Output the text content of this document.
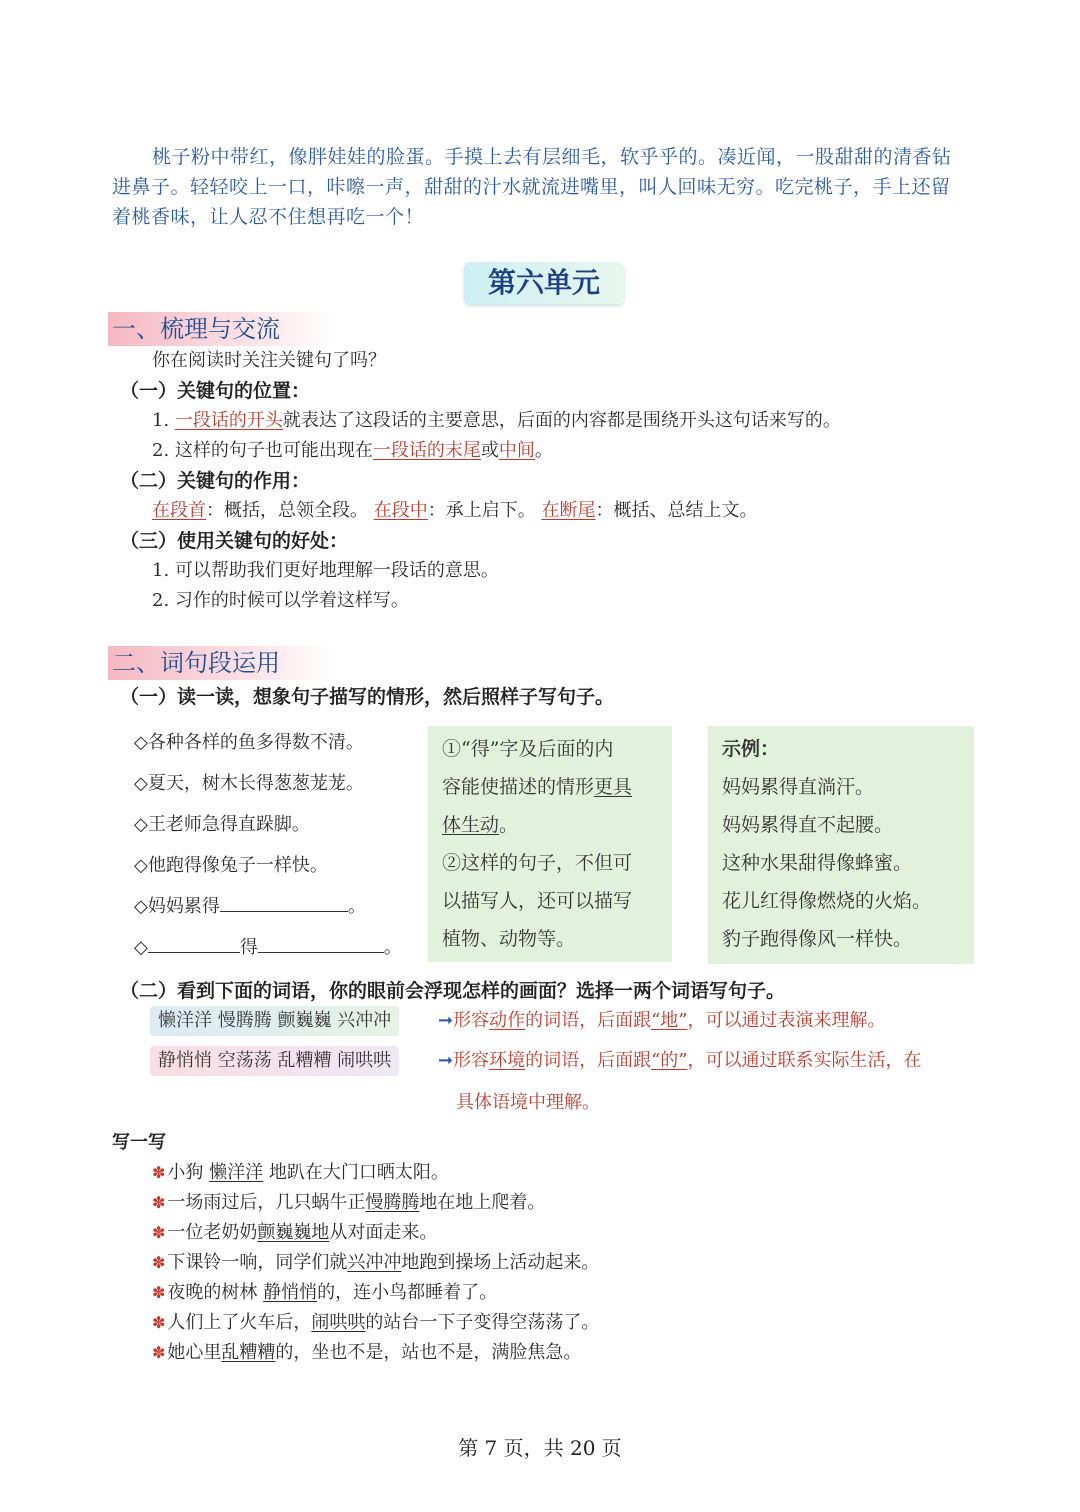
桃子粉中带红，像胖娃娃的脸蛋。手摸上去有层细毛，软乎乎的。凑近闻，一股甜甜的清香钻

进鼻子。轻轻咬上一口，咔嚓一声，甜甜的汁水就流进嘴里，叫人回味无穷。吃完桃子，手上还留
着桃香味，让人忍不住想再吃一个！
第六单元
一、梳理与交流
你在阅读时关注关键句了吗？
（一）关键句的位置：
1. 一段话的开头就表达了这段话的主要意思，后面的内容都是围绕开头这句话来写的。
2. 这样的句子也可能出现在一段话的末尾或中间。
（二）关键句的作用：
在段首：概括，总领全段。 在段中：承上启下。 在断尾：概括、总结上文。
（三）使用关键句的好处：
1. 可以帮助我们更好地理解一段话的意思。
2. 习作的时候可以学着这样写。
二、词句段运用
（一）读一读，想象句子描写的情形，然后照样子写句子。
◇各种各样的鱼多得数不清。
◇夏天，树木长得葱葱茏茏。
◇王老师急得直跺脚。
◇他跑得像兔子一样快。
◇妈妈累得	。
◇	得	。
①“得”字及后面的内
容能使描述的情形更具
体生动。
②这样的句子，不但可
以描写人，还可以描写
植物、动物等。
示例：
妈妈累得直淌汗。
妈妈累得直不起腰。
这种水果甜得像蜂蜜。
花儿红得像燃烧的火焰。
豹子跑得像风一样快。
（二）看到下面的词语，你的眼前会浮现怎样的画面？选择一两个词语写句子。
懒洋洋 慢腾腾 颤巍巍 兴冲冲	➞形容动作的词语，后面跟“地”，可以通过表演来理解。
静悄悄 空荡荡 乱糟糟 闹哄哄	➞形容环境的词语，后面跟“的”，可以通过联系实际生活，在
具体语境中理解。
写一写
✽ 小狗 懒洋洋 地趴在大门口晒太阳。
✽ 一场雨过后，几只蜗牛正慢腾腾地在地上爬着。
✽ 一位老奶奶颤巍巍地从对面走来。
✽ 下课铃一响，同学们就兴冲冲地跑到操场上活动起来。
✽ 夜晚的树林 静悄悄的，连小鸟都睡着了。
✽ 人们上了火车后，闹哄哄的站台一下子变得空荡荡了。
✽ 她心里乱糟糟的，坐也不是，站也不是，满脸焦急。
第 7 页，共 20 页
